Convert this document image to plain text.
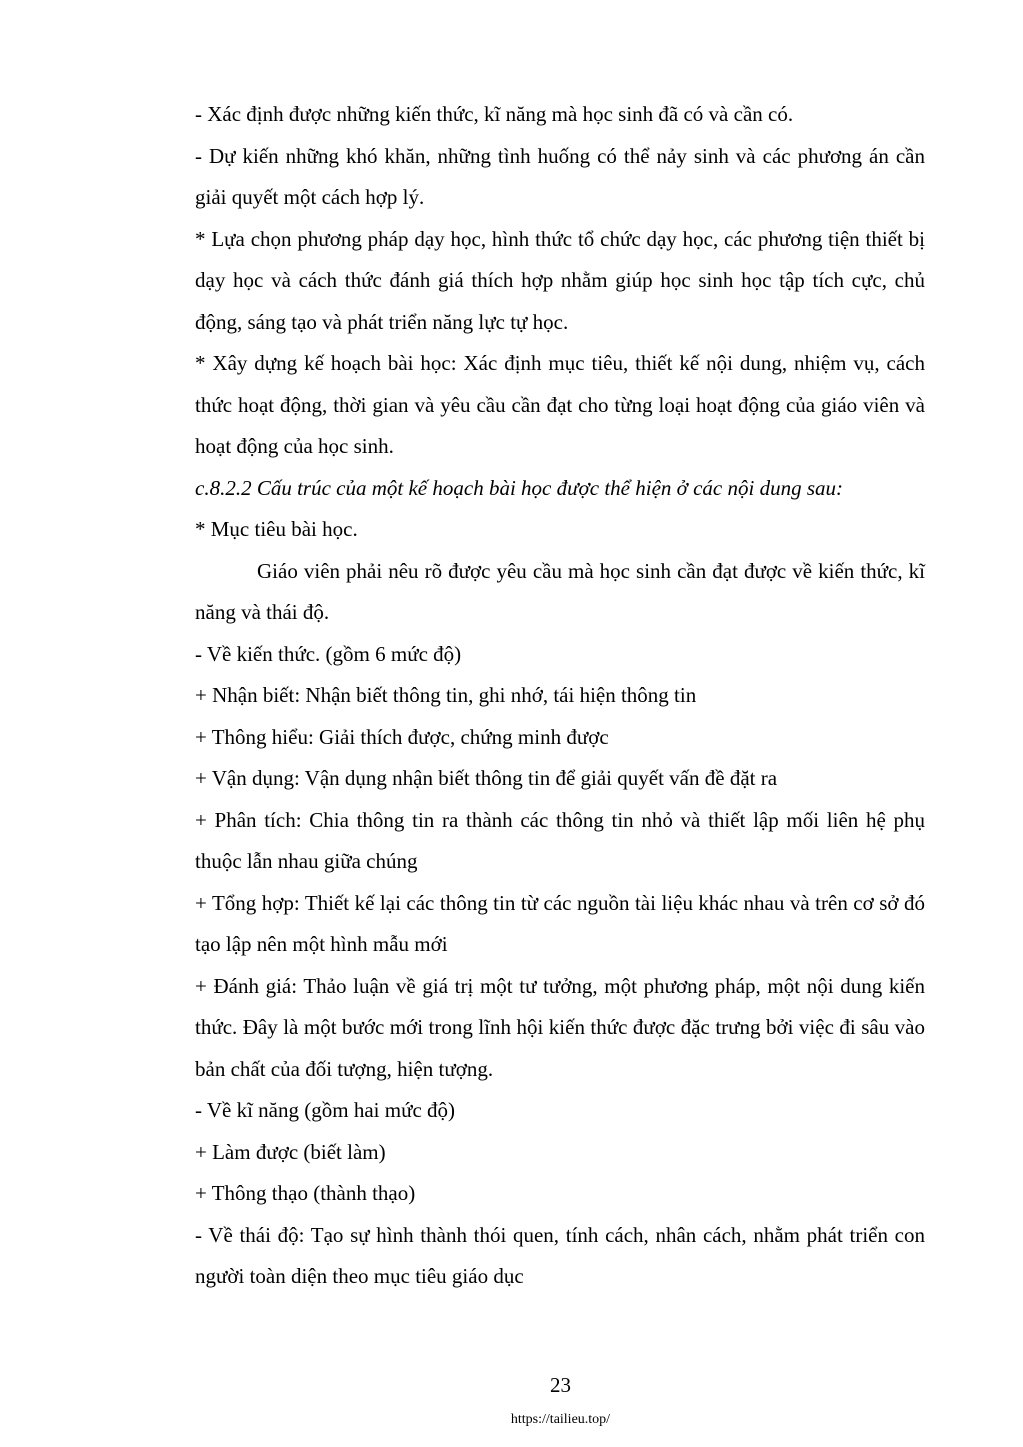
- Xác định được những kiến thức, kĩ năng mà học sinh đã có và cần có.

- Dự kiến những khó khăn, những tình huống có thể nảy sinh và các phương án cần giải quyết một cách hợp lý.

* Lựa chọn phương pháp dạy học, hình thức tổ chức dạy học, các phương tiện thiết bị dạy học và cách thức đánh giá thích hợp nhằm giúp học sinh học tập tích cực, chủ động, sáng tạo và phát triển năng lực tự học.

* Xây dựng kế hoạch bài học: Xác định mục tiêu, thiết kế nội dung, nhiệm vụ, cách thức hoạt động, thời gian và yêu cầu cần đạt cho từng loại hoạt động của giáo viên và hoạt động của học sinh.

c.8.2.2 Cấu trúc của một kế hoạch bài học được thể hiện ở các nội dung sau:

* Mục tiêu bài học.

Giáo viên phải nêu rõ được yêu cầu mà học sinh cần đạt được về kiến thức, kĩ năng và thái độ.

- Về kiến thức. (gồm 6 mức độ)

+ Nhận biết: Nhận biết thông tin, ghi nhớ, tái hiện thông tin

+ Thông hiểu: Giải thích được, chứng minh được

+ Vận dụng: Vận dụng nhận biết thông tin để giải quyết vấn đề đặt ra

+ Phân tích: Chia thông tin ra thành các thông tin nhỏ và thiết lập mối liên hệ phụ thuộc lẫn nhau giữa chúng

+ Tổng hợp: Thiết kế lại các thông tin từ các nguồn tài liệu khác nhau và trên cơ sở đó tạo lập nên một hình mẫu mới

+ Đánh giá: Thảo luận về giá trị một tư tưởng, một phương pháp, một nội dung kiến thức. Đây là một bước mới trong lĩnh hội kiến thức được đặc trưng bởi việc đi sâu vào bản chất của đối tượng, hiện tượng.

- Về kĩ năng (gồm hai mức độ)

+ Làm được (biết làm)

+ Thông thạo (thành thạo)

- Về thái độ: Tạo sự hình thành thói quen, tính cách, nhân cách, nhằm phát triển con người toàn diện theo mục tiêu giáo dục

23
https://tailieu.top/
